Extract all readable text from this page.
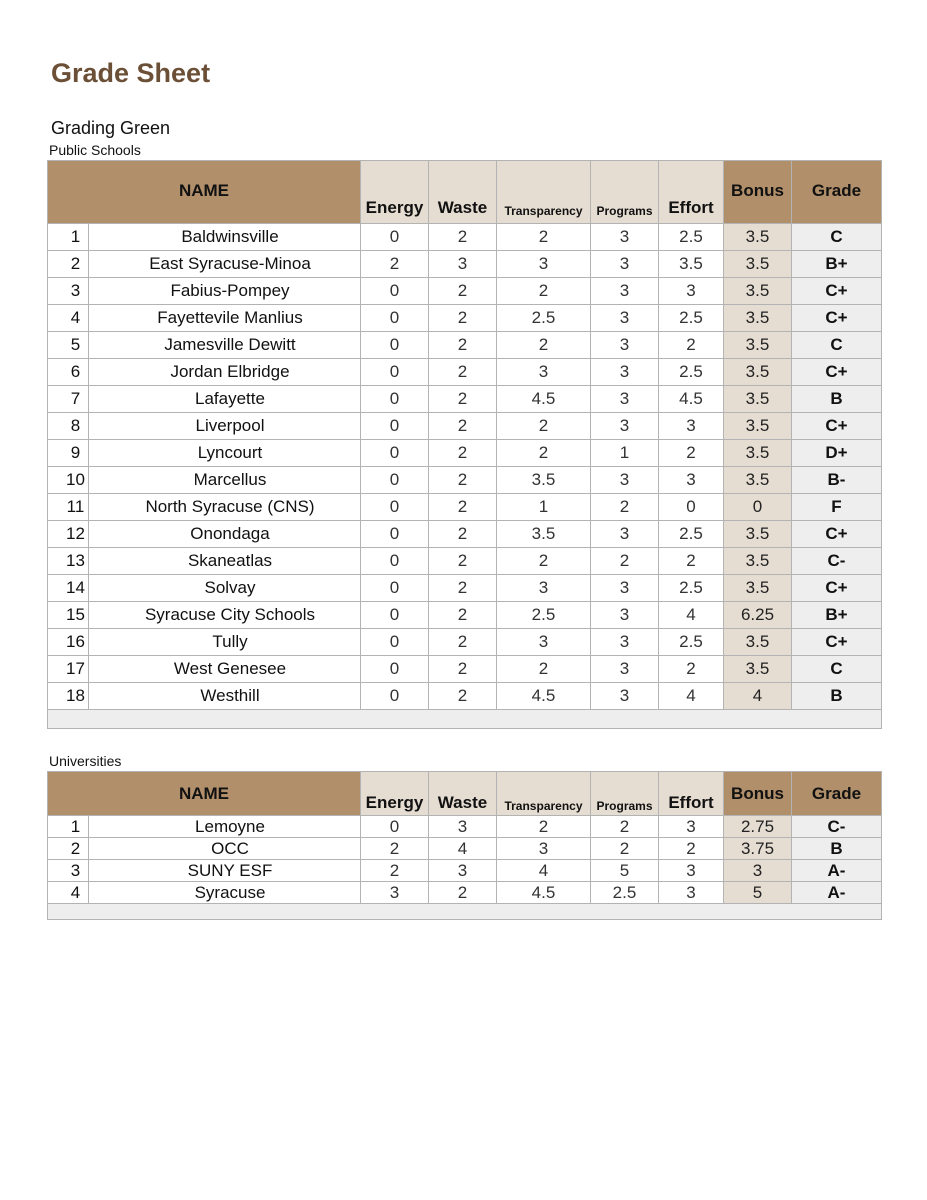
Grade Sheet
Grading Green
Public Schools
NAME		Energy	Waste	Transparency	Programs	Effort	Bonus	Grade
1	Baldwinsville	0	2	2	3	2.5	3.5	C
2	East Syracuse-Minoa	2	3	3	3	3.5	3.5	B+
3	Fabius-Pompey	0	2	2	3	3	3.5	C+
4	Fayettevile Manlius	0	2	2.5	3	2.5	3.5	C+
5	Jamesville Dewitt	0	2	2	3	2	3.5	C
6	Jordan Elbridge	0	2	3	3	2.5	3.5	C+
7	Lafayette	0	2	4.5	3	4.5	3.5	B
8	Liverpool	0	2	2	3	3	3.5	C+
9	Lyncourt	0	2	2	1	2	3.5	D+
10	Marcellus	0	2	3.5	3	3	3.5	B-
11	North Syracuse (CNS)	0	2	1	2	0	0	F
12	Onondaga	0	2	3.5	3	2.5	3.5	C+
13	Skaneatlas	0	2	2	2	2	3.5	C-
14	Solvay	0	2	3	3	2.5	3.5	C+
15	Syracuse City Schools	0	2	2.5	3	4	6.25	B+
16	Tully	0	2	3	3	2.5	3.5	C+
17	West Genesee	0	2	2	3	2	3.5	C
18	Westhill	0	2	4.5	3	4	4	B

Universities
NAME		Energy	Waste	Transparency	Programs	Effort	Bonus	Grade
1	Lemoyne	0	3	2	2	3	2.75	C-
2	OCC	2	4	3	2	2	3.75	B
3	SUNY ESF	2	3	4	5	3	3	A-
4	Syracuse	3	2	4.5	2.5	3	5	A-
